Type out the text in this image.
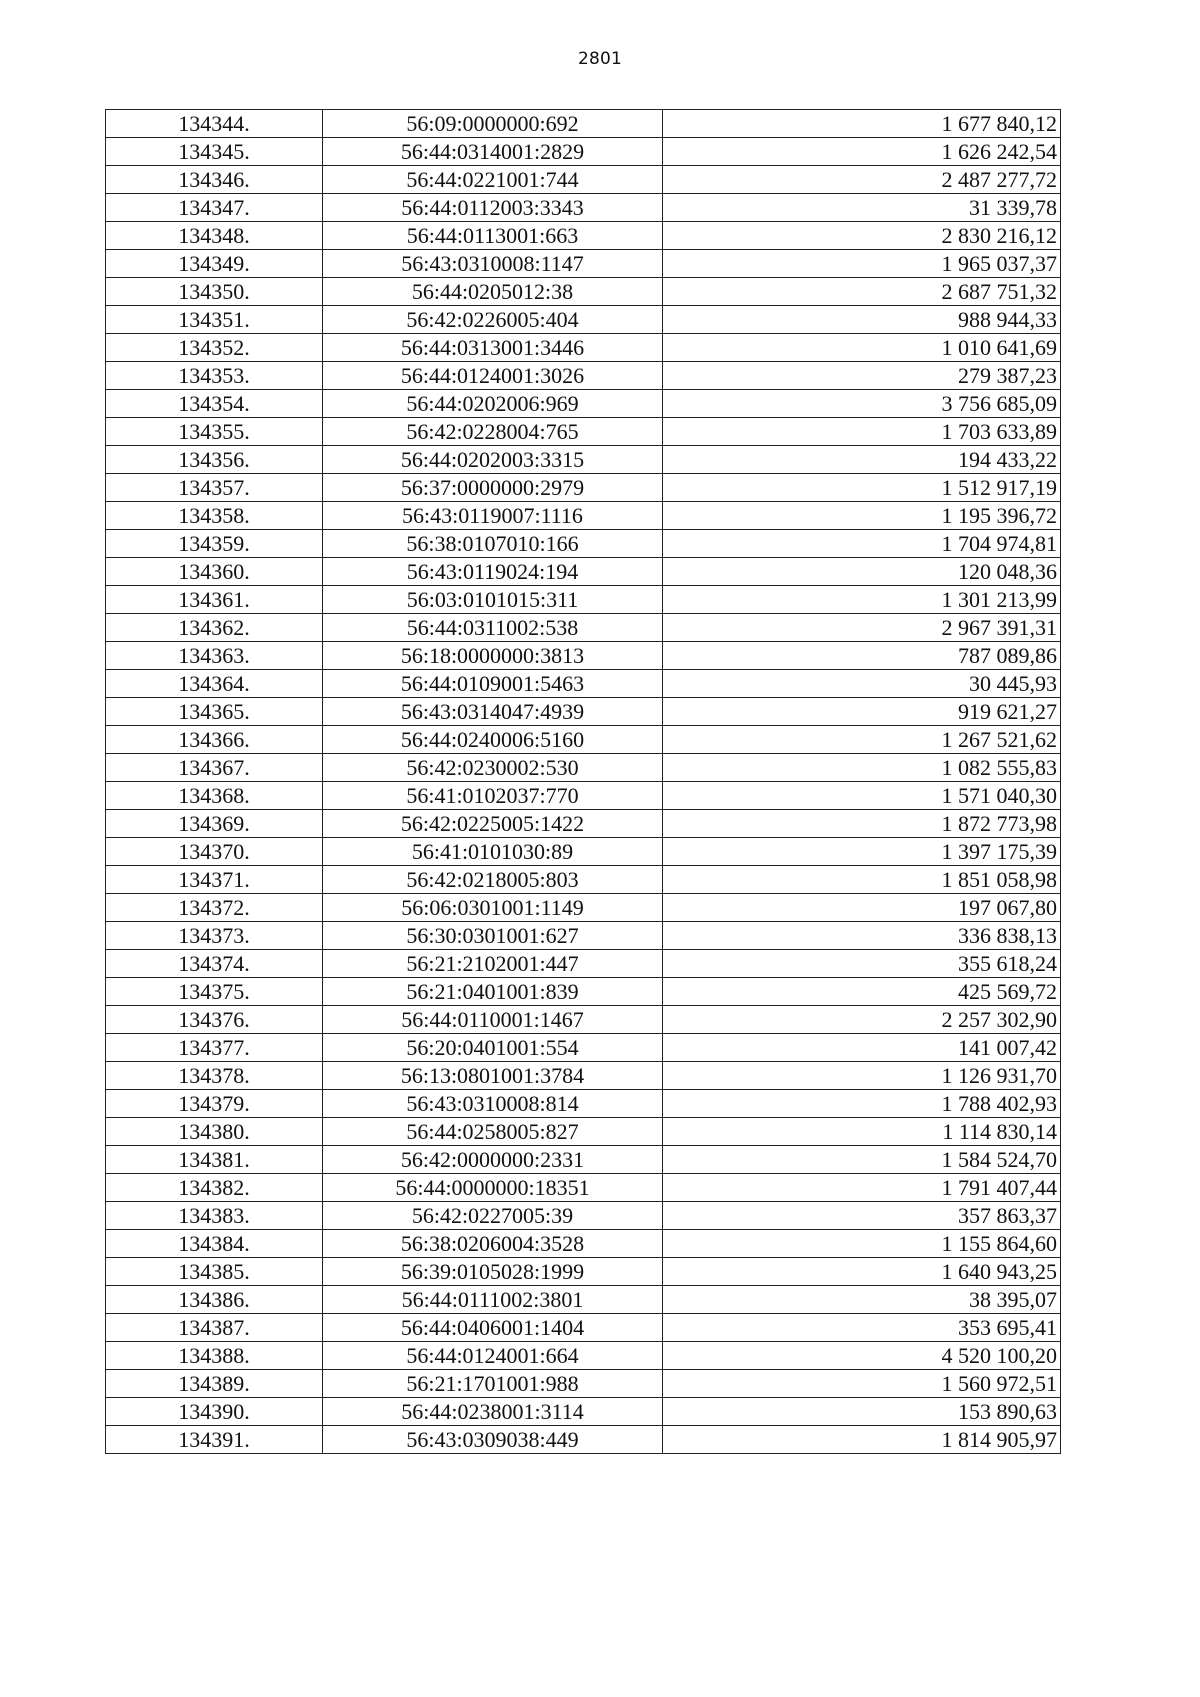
2801
134344.	56:09:0000000:692	1 677 840,12
134345.	56:44:0314001:2829	1 626 242,54
134346.	56:44:0221001:744	2 487 277,72
134347.	56:44:0112003:3343	31 339,78
134348.	56:44:0113001:663	2 830 216,12
134349.	56:43:0310008:1147	1 965 037,37
134350.	56:44:0205012:38	2 687 751,32
134351.	56:42:0226005:404	988 944,33
134352.	56:44:0313001:3446	1 010 641,69
134353.	56:44:0124001:3026	279 387,23
134354.	56:44:0202006:969	3 756 685,09
134355.	56:42:0228004:765	1 703 633,89
134356.	56:44:0202003:3315	194 433,22
134357.	56:37:0000000:2979	1 512 917,19
134358.	56:43:0119007:1116	1 195 396,72
134359.	56:38:0107010:166	1 704 974,81
134360.	56:43:0119024:194	120 048,36
134361.	56:03:0101015:311	1 301 213,99
134362.	56:44:0311002:538	2 967 391,31
134363.	56:18:0000000:3813	787 089,86
134364.	56:44:0109001:5463	30 445,93
134365.	56:43:0314047:4939	919 621,27
134366.	56:44:0240006:5160	1 267 521,62
134367.	56:42:0230002:530	1 082 555,83
134368.	56:41:0102037:770	1 571 040,30
134369.	56:42:0225005:1422	1 872 773,98
134370.	56:41:0101030:89	1 397 175,39
134371.	56:42:0218005:803	1 851 058,98
134372.	56:06:0301001:1149	197 067,80
134373.	56:30:0301001:627	336 838,13
134374.	56:21:2102001:447	355 618,24
134375.	56:21:0401001:839	425 569,72
134376.	56:44:0110001:1467	2 257 302,90
134377.	56:20:0401001:554	141 007,42
134378.	56:13:0801001:3784	1 126 931,70
134379.	56:43:0310008:814	1 788 402,93
134380.	56:44:0258005:827	1 114 830,14
134381.	56:42:0000000:2331	1 584 524,70
134382.	56:44:0000000:18351	1 791 407,44
134383.	56:42:0227005:39	357 863,37
134384.	56:38:0206004:3528	1 155 864,60
134385.	56:39:0105028:1999	1 640 943,25
134386.	56:44:0111002:3801	38 395,07
134387.	56:44:0406001:1404	353 695,41
134388.	56:44:0124001:664	4 520 100,20
134389.	56:21:1701001:988	1 560 972,51
134390.	56:44:0238001:3114	153 890,63
134391.	56:43:0309038:449	1 814 905,97
